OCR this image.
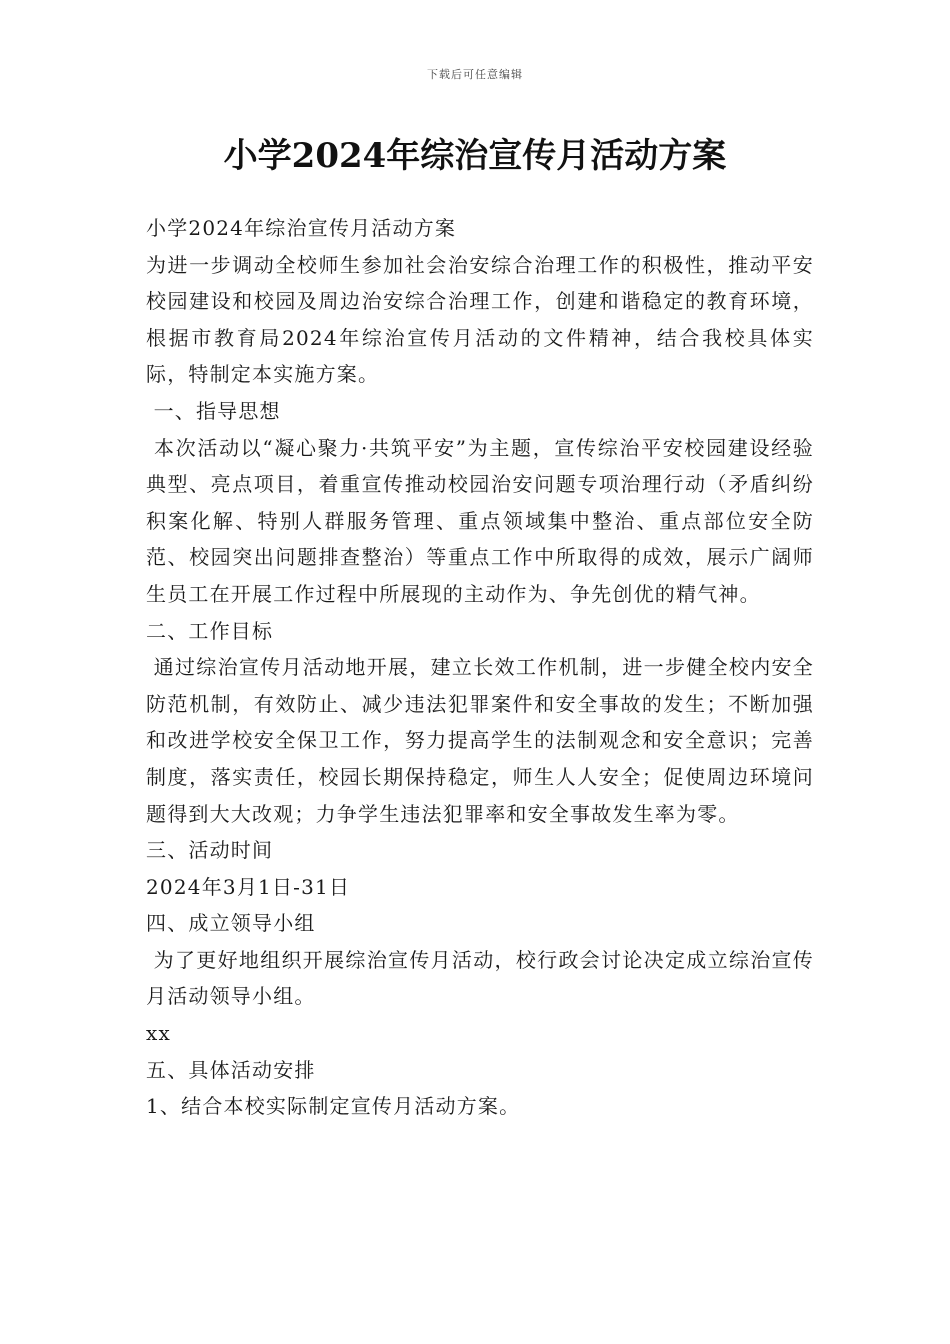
下载后可任意编辑
小学2024年综治宣传月活动方案

小学2024年综治宣传月活动方案

为进一步调动全校师生参加社会治安综合治理工作的积极性，推动平安校园建设和校园及周边治安综合治理工作，创建和谐稳定的教育环境，根据市教育局2024年综治宣传月活动的文件精神，结合我校具体实际，特制定本实施方案。

一、指导思想

本次活动以“凝心聚力·共筑平安”为主题，宣传综治平安校园建设经验典型、亮点项目，着重宣传推动校园治安问题专项治理行动（矛盾纠纷积案化解、特别人群服务管理、重点领域集中整治、重点部位安全防范、校园突出问题排查整治）等重点工作中所取得的成效，展示广阔师生员工在开展工作过程中所展现的主动作为、争先创优的精气神。

二、工作目标

通过综治宣传月活动地开展，建立长效工作机制，进一步健全校内安全防范机制，有效防止、减少违法犯罪案件和安全事故的发生；不断加强和改进学校安全保卫工作，努力提高学生的法制观念和安全意识；完善制度，落实责任，校园长期保持稳定，师生人人安全；促使周边环境问题得到大大改观；力争学生违法犯罪率和安全事故发生率为零。

三、活动时间

2024年3月1日-31日

四、成立领导小组

为了更好地组织开展综治宣传月活动，校行政会讨论决定成立综治宣传月活动领导小组。

xx

五、具体活动安排

1、结合本校实际制定宣传月活动方案。
